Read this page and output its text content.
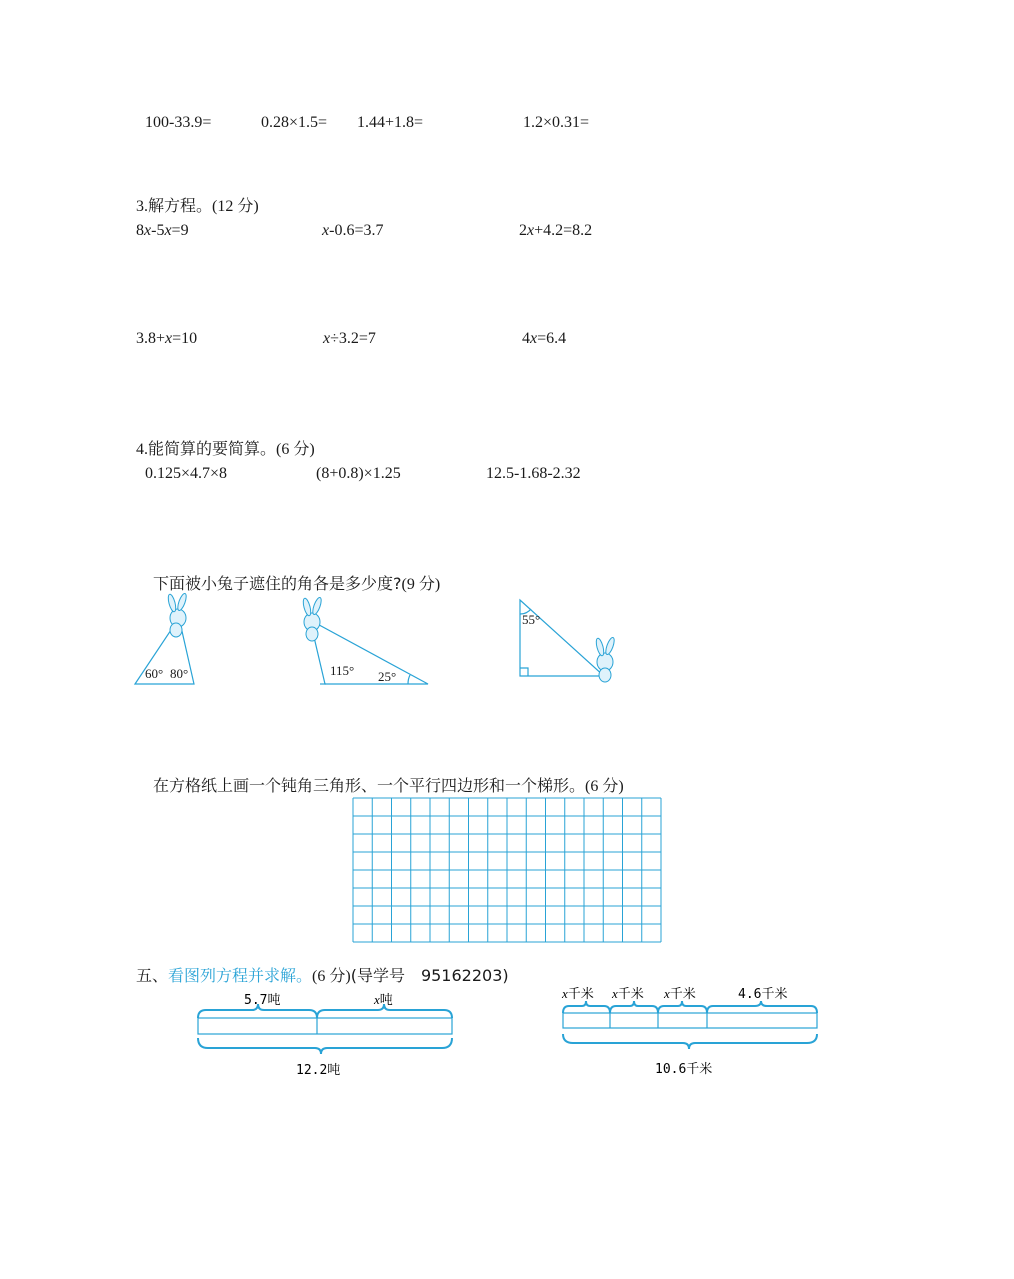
100-33.9=	0.28×1.5= 1.44+1.8=	1.2×0.31=
3.解方程。(12 分)
8x-5x=9	x-0.6=3.7	2x+4.2=8.2
3.8+x=10	x÷3.2=7	4x=6.4
4.能简算的要简算。(6 分)
0.125×4.7×8	(8+0.8)×1.25	12.5-1.68-2.32
下面被小兔子遮住的角各是多少度?(9 分)
60° 80°	115° 25°
55°
在方格纸上画一个钝角三角形、一个平行四边形和一个梯形。(6 分)
五、看图列方程并求解。(6 分)(导学号　95162203)
5.7吨	x吨
12.2吨
x千米 x千米 x千米	4.6千米
10.6千米
